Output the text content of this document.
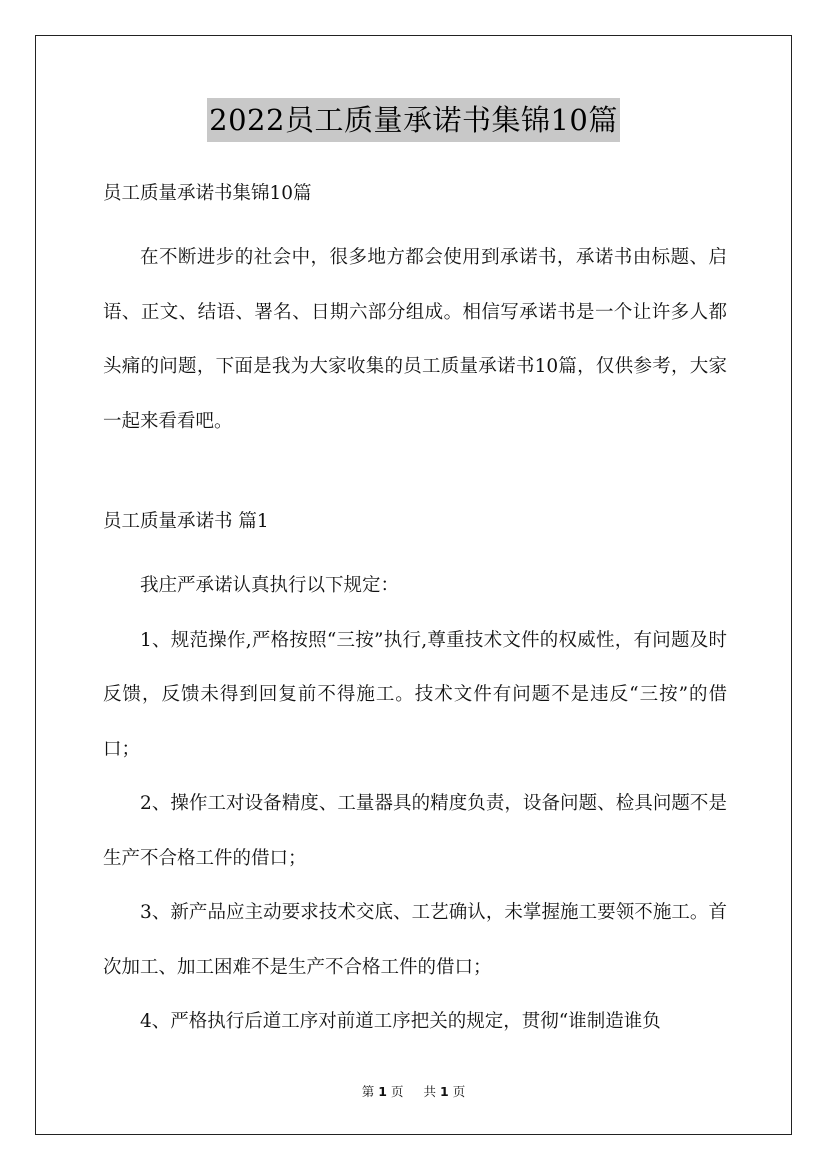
2022员工质量承诺书集锦10篇

员工质量承诺书集锦10篇

在不断进步的社会中，很多地方都会使用到承诺书，承诺书由标题、启语、正文、结语、署名、日期六部分组成。相信写承诺书是一个让许多人都头痛的问题，下面是我为大家收集的员工质量承诺书10篇，仅供参考，大家一起来看看吧。

员工质量承诺书 篇1

我庄严承诺认真执行以下规定：

1、规范操作,严格按照“三按”执行,尊重技术文件的权威性，有问题及时反馈，反馈未得到回复前不得施工。技术文件有问题不是违反“三按”的借口；

2、操作工对设备精度、工量器具的精度负责，设备问题、检具问题不是生产不合格工件的借口；

3、新产品应主动要求技术交底、工艺确认，未掌握施工要领不施工。首次加工、加工困难不是生产不合格工件的借口；

4、严格执行后道工序对前道工序把关的规定，贯彻“谁制造谁负

第 1 页 共 1 页
